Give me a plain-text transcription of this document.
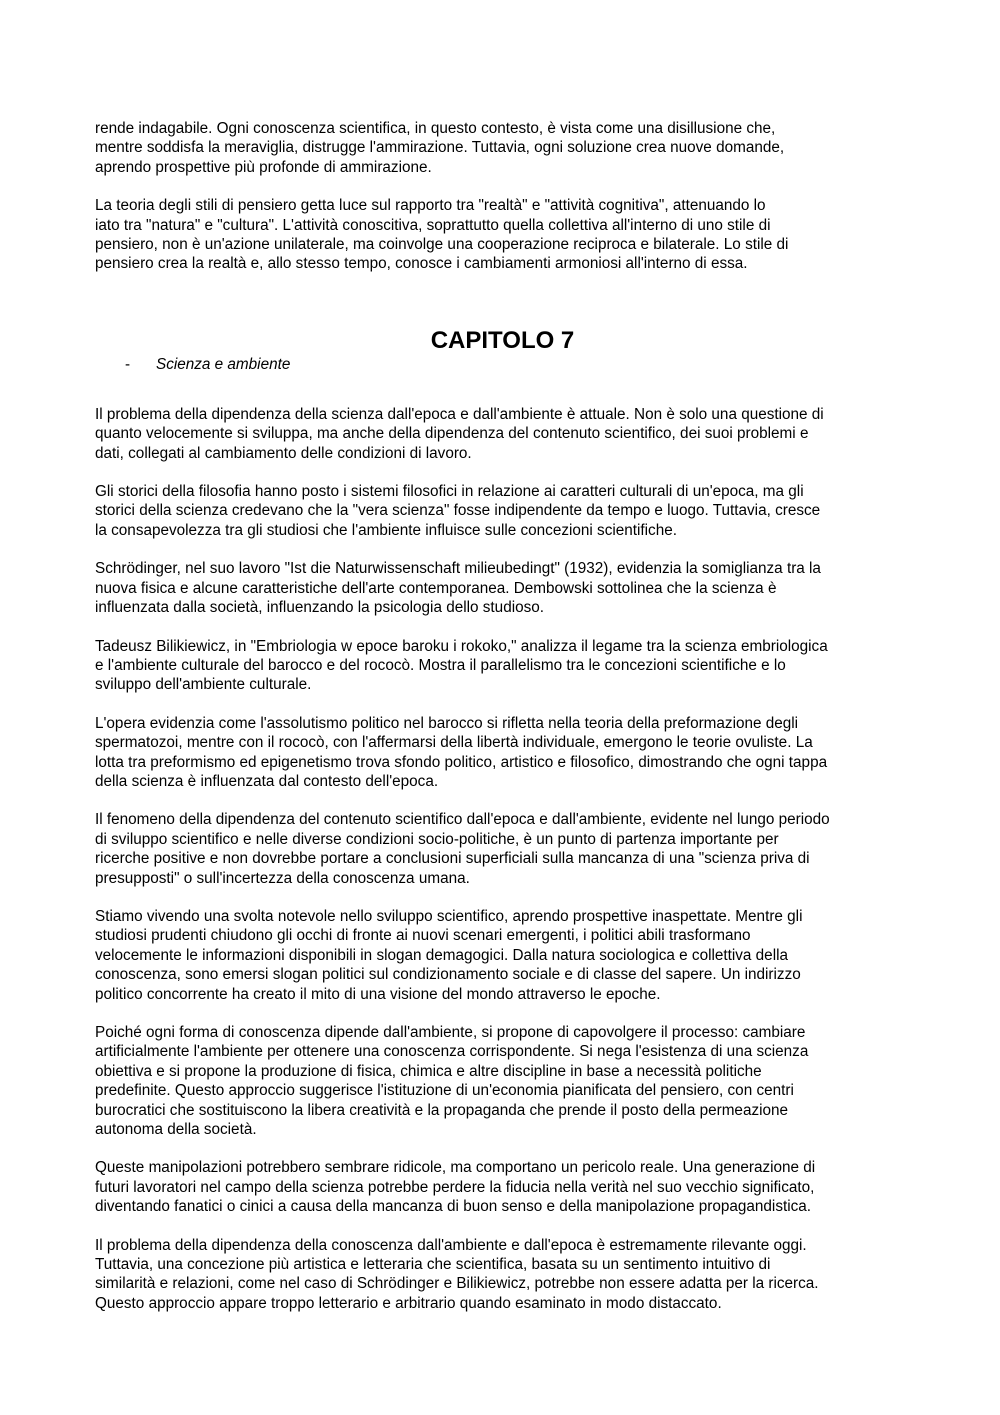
rende indagabile. Ogni conoscenza scientifica, in questo contesto, è vista come una disillusione che,
mentre soddisfa la meraviglia, distrugge l'ammirazione. Tuttavia, ogni soluzione crea nuove domande,
aprendo prospettive più profonde di ammirazione.

La teoria degli stili di pensiero getta luce sul rapporto tra "realtà" e "attività cognitiva", attenuando lo
iato tra "natura" e "cultura". L'attività conoscitiva, soprattutto quella collettiva all'interno di uno stile di
pensiero, non è un'azione unilaterale, ma coinvolge una cooperazione reciproca e bilaterale. Lo stile di
pensiero crea la realtà e, allo stesso tempo, conosce i cambiamenti armoniosi all'interno di essa.

CAPITOLO 7
- Scienza e ambiente

Il problema della dipendenza della scienza dall'epoca e dall'ambiente è attuale. Non è solo una questione di
quanto velocemente si sviluppa, ma anche della dipendenza del contenuto scientifico, dei suoi problemi e
dati, collegati al cambiamento delle condizioni di lavoro.

Gli storici della filosofia hanno posto i sistemi filosofici in relazione ai caratteri culturali di un'epoca, ma gli
storici della scienza credevano che la "vera scienza" fosse indipendente da tempo e luogo. Tuttavia, cresce
la consapevolezza tra gli studiosi che l'ambiente influisce sulle concezioni scientifiche.

Schrödinger, nel suo lavoro "Ist die Naturwissenschaft milieubedingt" (1932), evidenzia la somiglianza tra la
nuova fisica e alcune caratteristiche dell'arte contemporanea. Dembowski sottolinea che la scienza è
influenzata dalla società, influenzando la psicologia dello studioso.

Tadeusz Bilikiewicz, in "Embriologia w epoce baroku i rokoko," analizza il legame tra la scienza embriologica
e l'ambiente culturale del barocco e del rococò. Mostra il parallelismo tra le concezioni scientifiche e lo
sviluppo dell'ambiente culturale.

L'opera evidenzia come l'assolutismo politico nel barocco si rifletta nella teoria della preformazione degli
spermatozoi, mentre con il rococò, con l'affermarsi della libertà individuale, emergono le teorie ovuliste. La
lotta tra preformismo ed epigenetismo trova sfondo politico, artistico e filosofico, dimostrando che ogni tappa
della scienza è influenzata dal contesto dell'epoca.

Il fenomeno della dipendenza del contenuto scientifico dall'epoca e dall'ambiente, evidente nel lungo periodo
di sviluppo scientifico e nelle diverse condizioni socio-politiche, è un punto di partenza importante per
ricerche positive e non dovrebbe portare a conclusioni superficiali sulla mancanza di una "scienza priva di
presupposti" o sull'incertezza della conoscenza umana.

Stiamo vivendo una svolta notevole nello sviluppo scientifico, aprendo prospettive inaspettate. Mentre gli
studiosi prudenti chiudono gli occhi di fronte ai nuovi scenari emergenti, i politici abili trasformano
velocemente le informazioni disponibili in slogan demagogici. Dalla natura sociologica e collettiva della
conoscenza, sono emersi slogan politici sul condizionamento sociale e di classe del sapere. Un indirizzo
politico concorrente ha creato il mito di una visione del mondo attraverso le epoche.

Poiché ogni forma di conoscenza dipende dall'ambiente, si propone di capovolgere il processo: cambiare
artificialmente l'ambiente per ottenere una conoscenza corrispondente. Si nega l'esistenza di una scienza
obiettiva e si propone la produzione di fisica, chimica e altre discipline in base a necessità politiche
predefinite. Questo approccio suggerisce l'istituzione di un'economia pianificata del pensiero, con centri
burocratici che sostituiscono la libera creatività e la propaganda che prende il posto della permeazione
autonoma della società.

Queste manipolazioni potrebbero sembrare ridicole, ma comportano un pericolo reale. Una generazione di
futuri lavoratori nel campo della scienza potrebbe perdere la fiducia nella verità nel suo vecchio significato,
diventando fanatici o cinici a causa della mancanza di buon senso e della manipolazione propagandistica.

Il problema della dipendenza della conoscenza dall'ambiente e dall'epoca è estremamente rilevante oggi.
Tuttavia, una concezione più artistica e letteraria che scientifica, basata su un sentimento intuitivo di
similarità e relazioni, come nel caso di Schrödinger e Bilikiewicz, potrebbe non essere adatta per la ricerca.
Questo approccio appare troppo letterario e arbitrario quando esaminato in modo distaccato.
